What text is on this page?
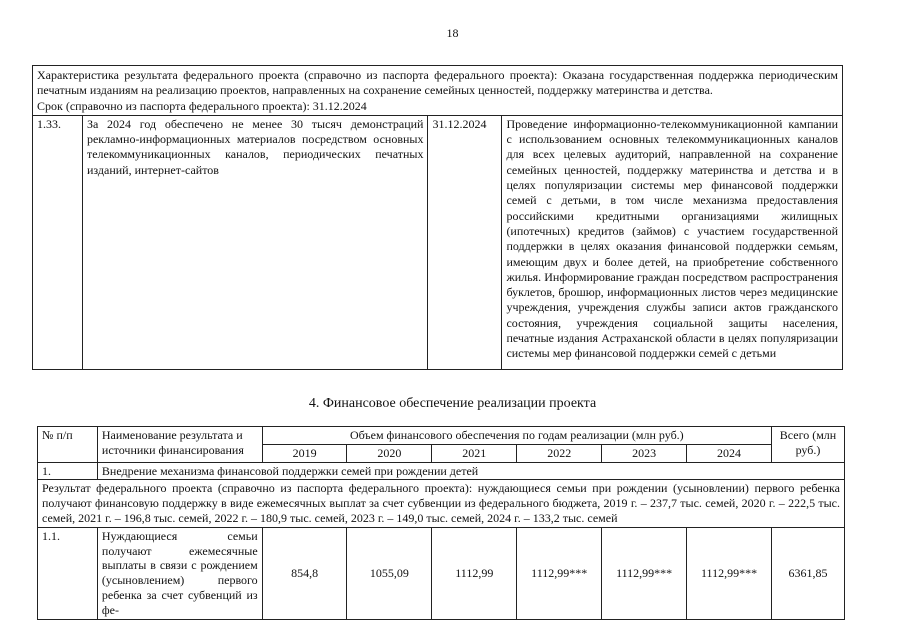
18
Характеристика результата федерального проекта (справочно из паспорта федерального проекта): Оказана государственная поддержка периодическим печатным изданиям на реализацию проектов, направленных на сохранение семейных ценностей, поддержку материнства и детства.
Срок (справочно из паспорта федерального проекта): 31.12.2024

1.33.	За 2024 год обеспечено не менее 30 тысяч демонстраций рекламно-информационных материалов посредством основных телекоммуникационных каналов, периодических печатных изданий, интернет-сайтов	31.12.2024	Проведение информационно-телекоммуникационной кампании с использованием основных телекоммуникационных каналов для всех целевых аудиторий, направленной на сохранение семейных ценностей, поддержку материнства и детства и в целях популяризации системы мер финансовой поддержки семей с детьми, в том числе механизма предоставления российскими кредитными организациями жилищных (ипотечных) кредитов (займов) с участием государственной поддержки в целях оказания финансовой поддержки семьям, имеющим двух и более детей, на приобретение собственного жилья. Информирование граждан посредством распространения буклетов, брошюр, информационных листов через медицинские учреждения, учреждения службы записи актов гражданского состояния, учреждения социальной защиты населения, печатные издания Астраханской области в целях популяризации системы мер финансовой поддержки семей с детьми
4. Финансовое обеспечение реализации проекта
№ п/п	Наименование результата и источники финансирования	Объем финансового обеспечения по годам реализации (млн руб.)						Всего (млн руб.)
		2019	2020	2021	2022	2023	2024	
1.	Внедрение механизма финансовой поддержки семей при рождении детей							
Результат федерального проекта (справочно из паспорта федерального проекта): нуждающиеся семьи при рождении (усыновлении) первого ребенка получают финансовую поддержку в виде ежемесячных выплат за счет субвенции из федерального бюджета, 2019 г. – 237,7 тыс. семей, 2020 г. – 222,5 тыс. семей, 2021 г. – 196,8 тыс. семей, 2022 г. – 180,9 тыс. семей, 2023 г. – 149,0 тыс. семей, 2024 г. – 133,2 тыс. семей								
1.1.	Нуждающиеся семьи получают ежемесячные выплаты в связи с рождением (усыновлением) первого ребенка за счет субвенций из фе-	854,8	1055,09	1112,99	1112,99***	1112,99***	1112,99***	6361,85
